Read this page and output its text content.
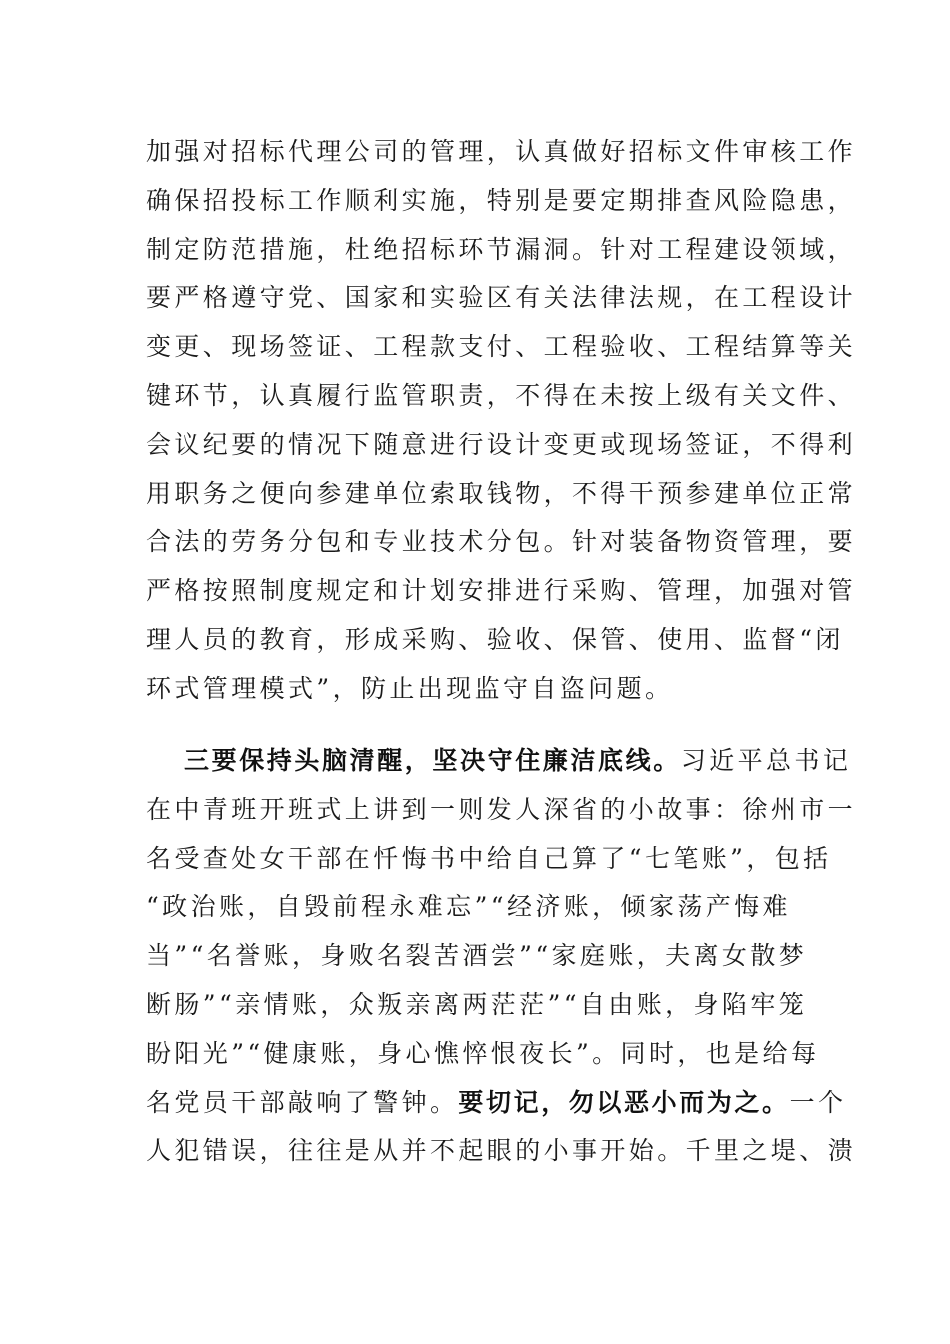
加强对招标代理公司的管理，认真做好招标文件审核工作
确保招投标工作顺利实施，特别是要定期排查风险隐患，
制定防范措施，杜绝招标环节漏洞。针对工程建设领域，
要严格遵守党、国家和实验区有关法律法规，在工程设计
变更、现场签证、工程款支付、工程验收、工程结算等关
键环节，认真履行监管职责，不得在未按上级有关文件、
会议纪要的情况下随意进行设计变更或现场签证，不得利
用职务之便向参建单位索取钱物，不得干预参建单位正常
合法的劳务分包和专业技术分包。针对装备物资管理，要
严格按照制度规定和计划安排进行采购、管理，加强对管
理人员的教育，形成采购、验收、保管、使用、监督“闭
环式管理模式”，防止出现监守自盗问题。
三要保持头脑清醒，坚决守住廉洁底线。习近平总书记
在中青班开班式上讲到一则发人深省的小故事：徐州市一
名受查处女干部在忏悔书中给自己算了“七笔账”，包括
“政治账，自毁前程永难忘”“经济账，倾家荡产悔难
当”“名誉账，身败名裂苦酒尝”“家庭账，夫离女散梦
断肠”“亲情账，众叛亲离两茫茫”“自由账，身陷牢笼
盼阳光”“健康账，身心憔悴恨夜长”。同时，也是给每
名党员干部敲响了警钟。要切记，勿以恶小而为之。一个
人犯错误，往往是从并不起眼的小事开始。千里之堤、溃
